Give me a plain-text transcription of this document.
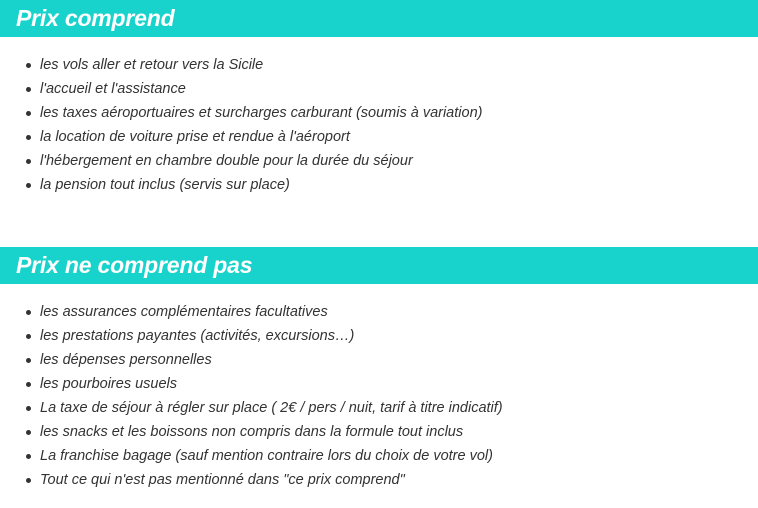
Prix comprend
les vols aller et retour vers la Sicile
l'accueil et l'assistance
les taxes aéroportuaires et surcharges carburant (soumis à variation)
la location de voiture prise et rendue à l'aéroport
l'hébergement en chambre double pour la durée du séjour
la pension tout inclus (servis sur place)
Prix ne comprend pas
les assurances complémentaires facultatives
les prestations payantes (activités, excursions…)
les dépenses personnelles
les pourboires usuels
La taxe de séjour à régler sur place ( 2€ / pers / nuit, tarif à titre indicatif)
les snacks et les boissons non compris dans la formule tout inclus
La franchise bagage (sauf mention contraire lors du choix de votre vol)
Tout ce qui n'est pas mentionné dans "ce prix comprend"
